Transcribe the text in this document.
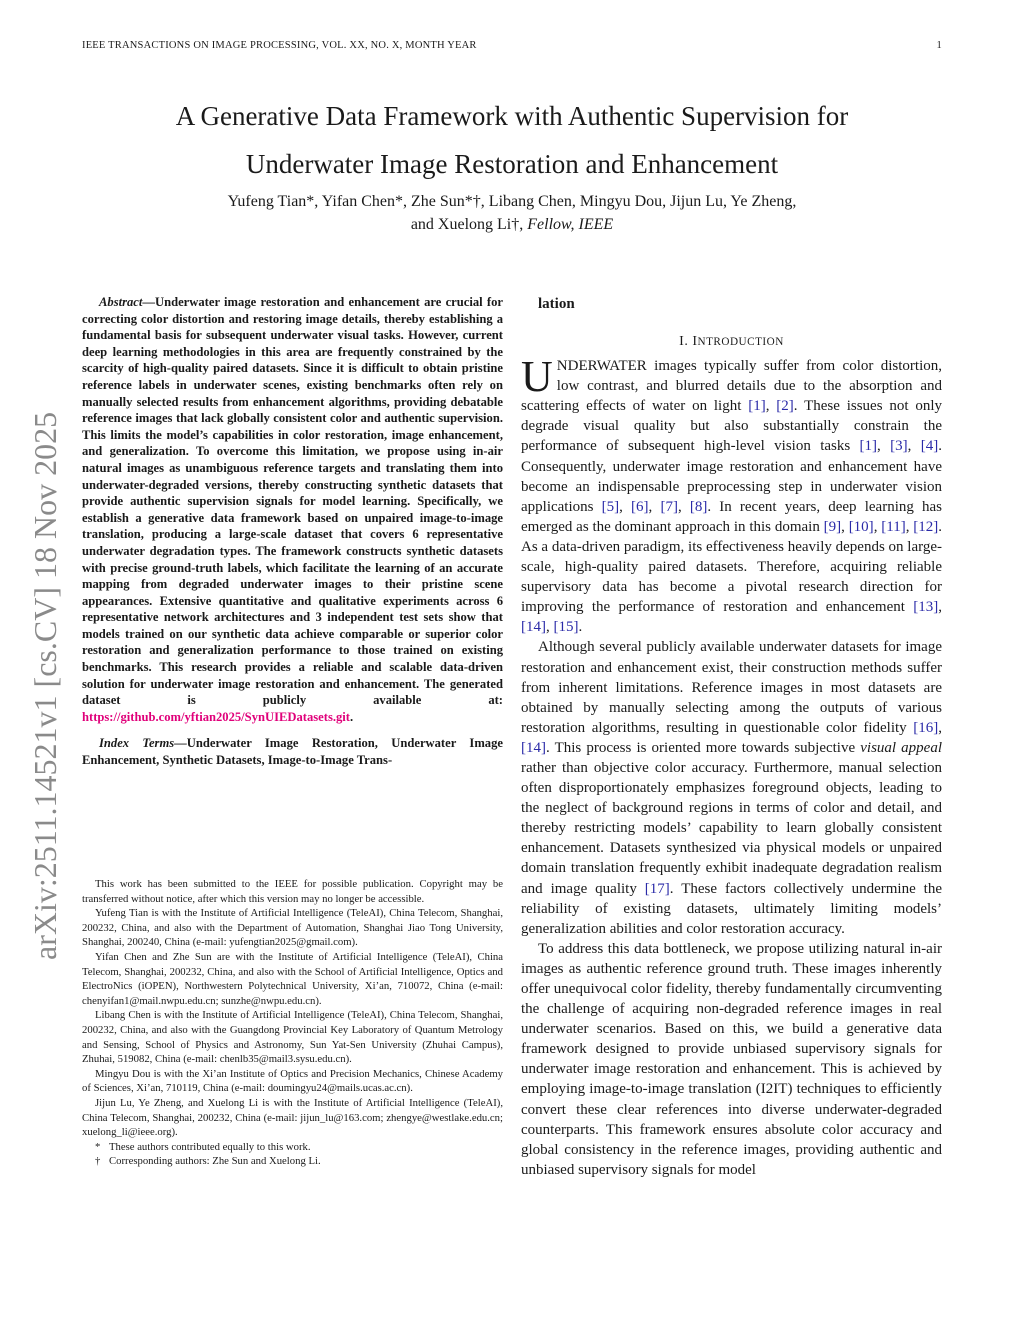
IEEE TRANSACTIONS ON IMAGE PROCESSING, VOL. XX, NO. X, MONTH YEAR	1
arXiv:2511.14521v1 [cs.CV] 18 Nov 2025
A Generative Data Framework with Authentic Supervision for
Underwater Image Restoration and Enhancement
Yufeng Tian*, Yifan Chen*, Zhe Sun*†, Libang Chen, Mingyu Dou, Jijun Lu, Ye Zheng,
and Xuelong Li†, Fellow, IEEE

Abstract—Underwater image restoration and enhancement are crucial for correcting color distortion and restoring image details, thereby establishing a fundamental basis for subsequent underwater visual tasks. However, current deep learning methodologies in this area are frequently constrained by the scarcity of high-quality paired datasets. Since it is difficult to obtain pristine reference labels in underwater scenes, existing benchmarks often rely on manually selected results from enhancement algorithms, providing debatable reference images that lack globally consistent color and authentic supervision. This limits the model’s capabilities in color restoration, image enhancement, and generalization. To overcome this limitation, we propose using in-air natural images as unambiguous reference targets and translating them into underwater-degraded versions, thereby constructing synthetic datasets that provide authentic supervision signals for model learning. Specifically, we establish a generative data framework based on unpaired image-to-image translation, producing a large-scale dataset that covers 6 representative underwater degradation types. The framework constructs synthetic datasets with precise ground-truth labels, which facilitate the learning of an accurate mapping from degraded underwater images to their pristine scene appearances. Extensive quantitative and qualitative experiments across 6 representative network architectures and 3 independent test sets show that models trained on our synthetic data achieve comparable or superior color restoration and generalization performance to those trained on existing benchmarks. This research provides a reliable and scalable data-driven solution for underwater image restoration and enhancement. The generated dataset is publicly available at: https://github.com/yftian2025/SynUIEDatasets.git.

Index Terms—Underwater Image Restoration, Underwater Image Enhancement, Synthetic Datasets, Image-to-Image Trans-

This work has been submitted to the IEEE for possible publication. Copyright may be transferred without notice, after which this version may no longer be accessible.

Yufeng Tian is with the Institute of Artificial Intelligence (TeleAI), China Telecom, Shanghai, 200232, China, and also with the Department of Automation, Shanghai Jiao Tong University, Shanghai, 200240, China (e-mail: yufengtian2025@gmail.com).

Yifan Chen and Zhe Sun are with the Institute of Artificial Intelligence (TeleAI), China Telecom, Shanghai, 200232, China, and also with the School of Artificial Intelligence, Optics and ElectroNics (iOPEN), Northwestern Polytechnical University, Xi’an, 710072, China (e-mail: chenyifan1@mail.nwpu.edu.cn; sunzhe@nwpu.edu.cn).

Libang Chen is with the Institute of Artificial Intelligence (TeleAI), China Telecom, Shanghai, 200232, China, and also with the Guangdong Provincial Key Laboratory of Quantum Metrology and Sensing, School of Physics and Astronomy, Sun Yat-Sen University (Zhuhai Campus), Zhuhai, 519082, China (e-mail: chenlb35@mail3.sysu.edu.cn).

Mingyu Dou is with the Xi’an Institute of Optics and Precision Mechanics, Chinese Academy of Sciences, Xi’an, 710119, China (e-mail: doumingyu24@mails.ucas.ac.cn).

Jijun Lu, Ye Zheng, and Xuelong Li is with the Institute of Artificial Intelligence (TeleAI), China Telecom, Shanghai, 200232, China (e-mail: jijun_lu@163.com; zhengye@westlake.edu.cn; xuelong_li@ieee.org).

* These authors contributed equally to this work.

† Corresponding authors: Zhe Sun and Xuelong Li.

lation

I. INTRODUCTION

UNDERWATER images typically suffer from color distortion, low contrast, and blurred details due to the absorption and scattering effects of water on light [1], [2]. These issues not only degrade visual quality but also substantially constrain the performance of subsequent high-level vision tasks [1], [3], [4]. Consequently, underwater image restoration and enhancement have become an indispensable preprocessing step in underwater vision applications [5], [6], [7], [8]. In recent years, deep learning has emerged as the dominant approach in this domain [9], [10], [11], [12]. As a data-driven paradigm, its effectiveness heavily depends on large-scale, high-quality paired datasets. Therefore, acquiring reliable supervisory data has become a pivotal research direction for improving the performance of restoration and enhancement [13], [14], [15].

Although several publicly available underwater datasets for image restoration and enhancement exist, their construction methods suffer from inherent limitations. Reference images in most datasets are obtained by manually selecting among the outputs of various restoration algorithms, resulting in questionable color fidelity [16], [14]. This process is oriented more towards subjective visual appeal rather than objective color accuracy. Furthermore, manual selection often disproportionately emphasizes foreground objects, leading to the neglect of background regions in terms of color and detail, and thereby restricting models’ capability to learn globally consistent enhancement. Datasets synthesized via physical models or unpaired domain translation frequently exhibit inadequate degradation realism and image quality [17]. These factors collectively undermine the reliability of existing datasets, ultimately limiting models’ generalization abilities and color restoration accuracy.

To address this data bottleneck, we propose utilizing natural in-air images as authentic reference ground truth. These images inherently offer unequivocal color fidelity, thereby fundamentally circumventing the challenge of acquiring non-degraded reference images in real underwater scenarios. Based on this, we build a generative data framework designed to provide unbiased supervisory signals for underwater image restoration and enhancement. This is achieved by employing image-to-image translation (I2IT) techniques to efficiently convert these clear references into diverse underwater-degraded counterparts. This framework ensures absolute color accuracy and global consistency in the reference images, providing authentic and unbiased supervisory signals for model
